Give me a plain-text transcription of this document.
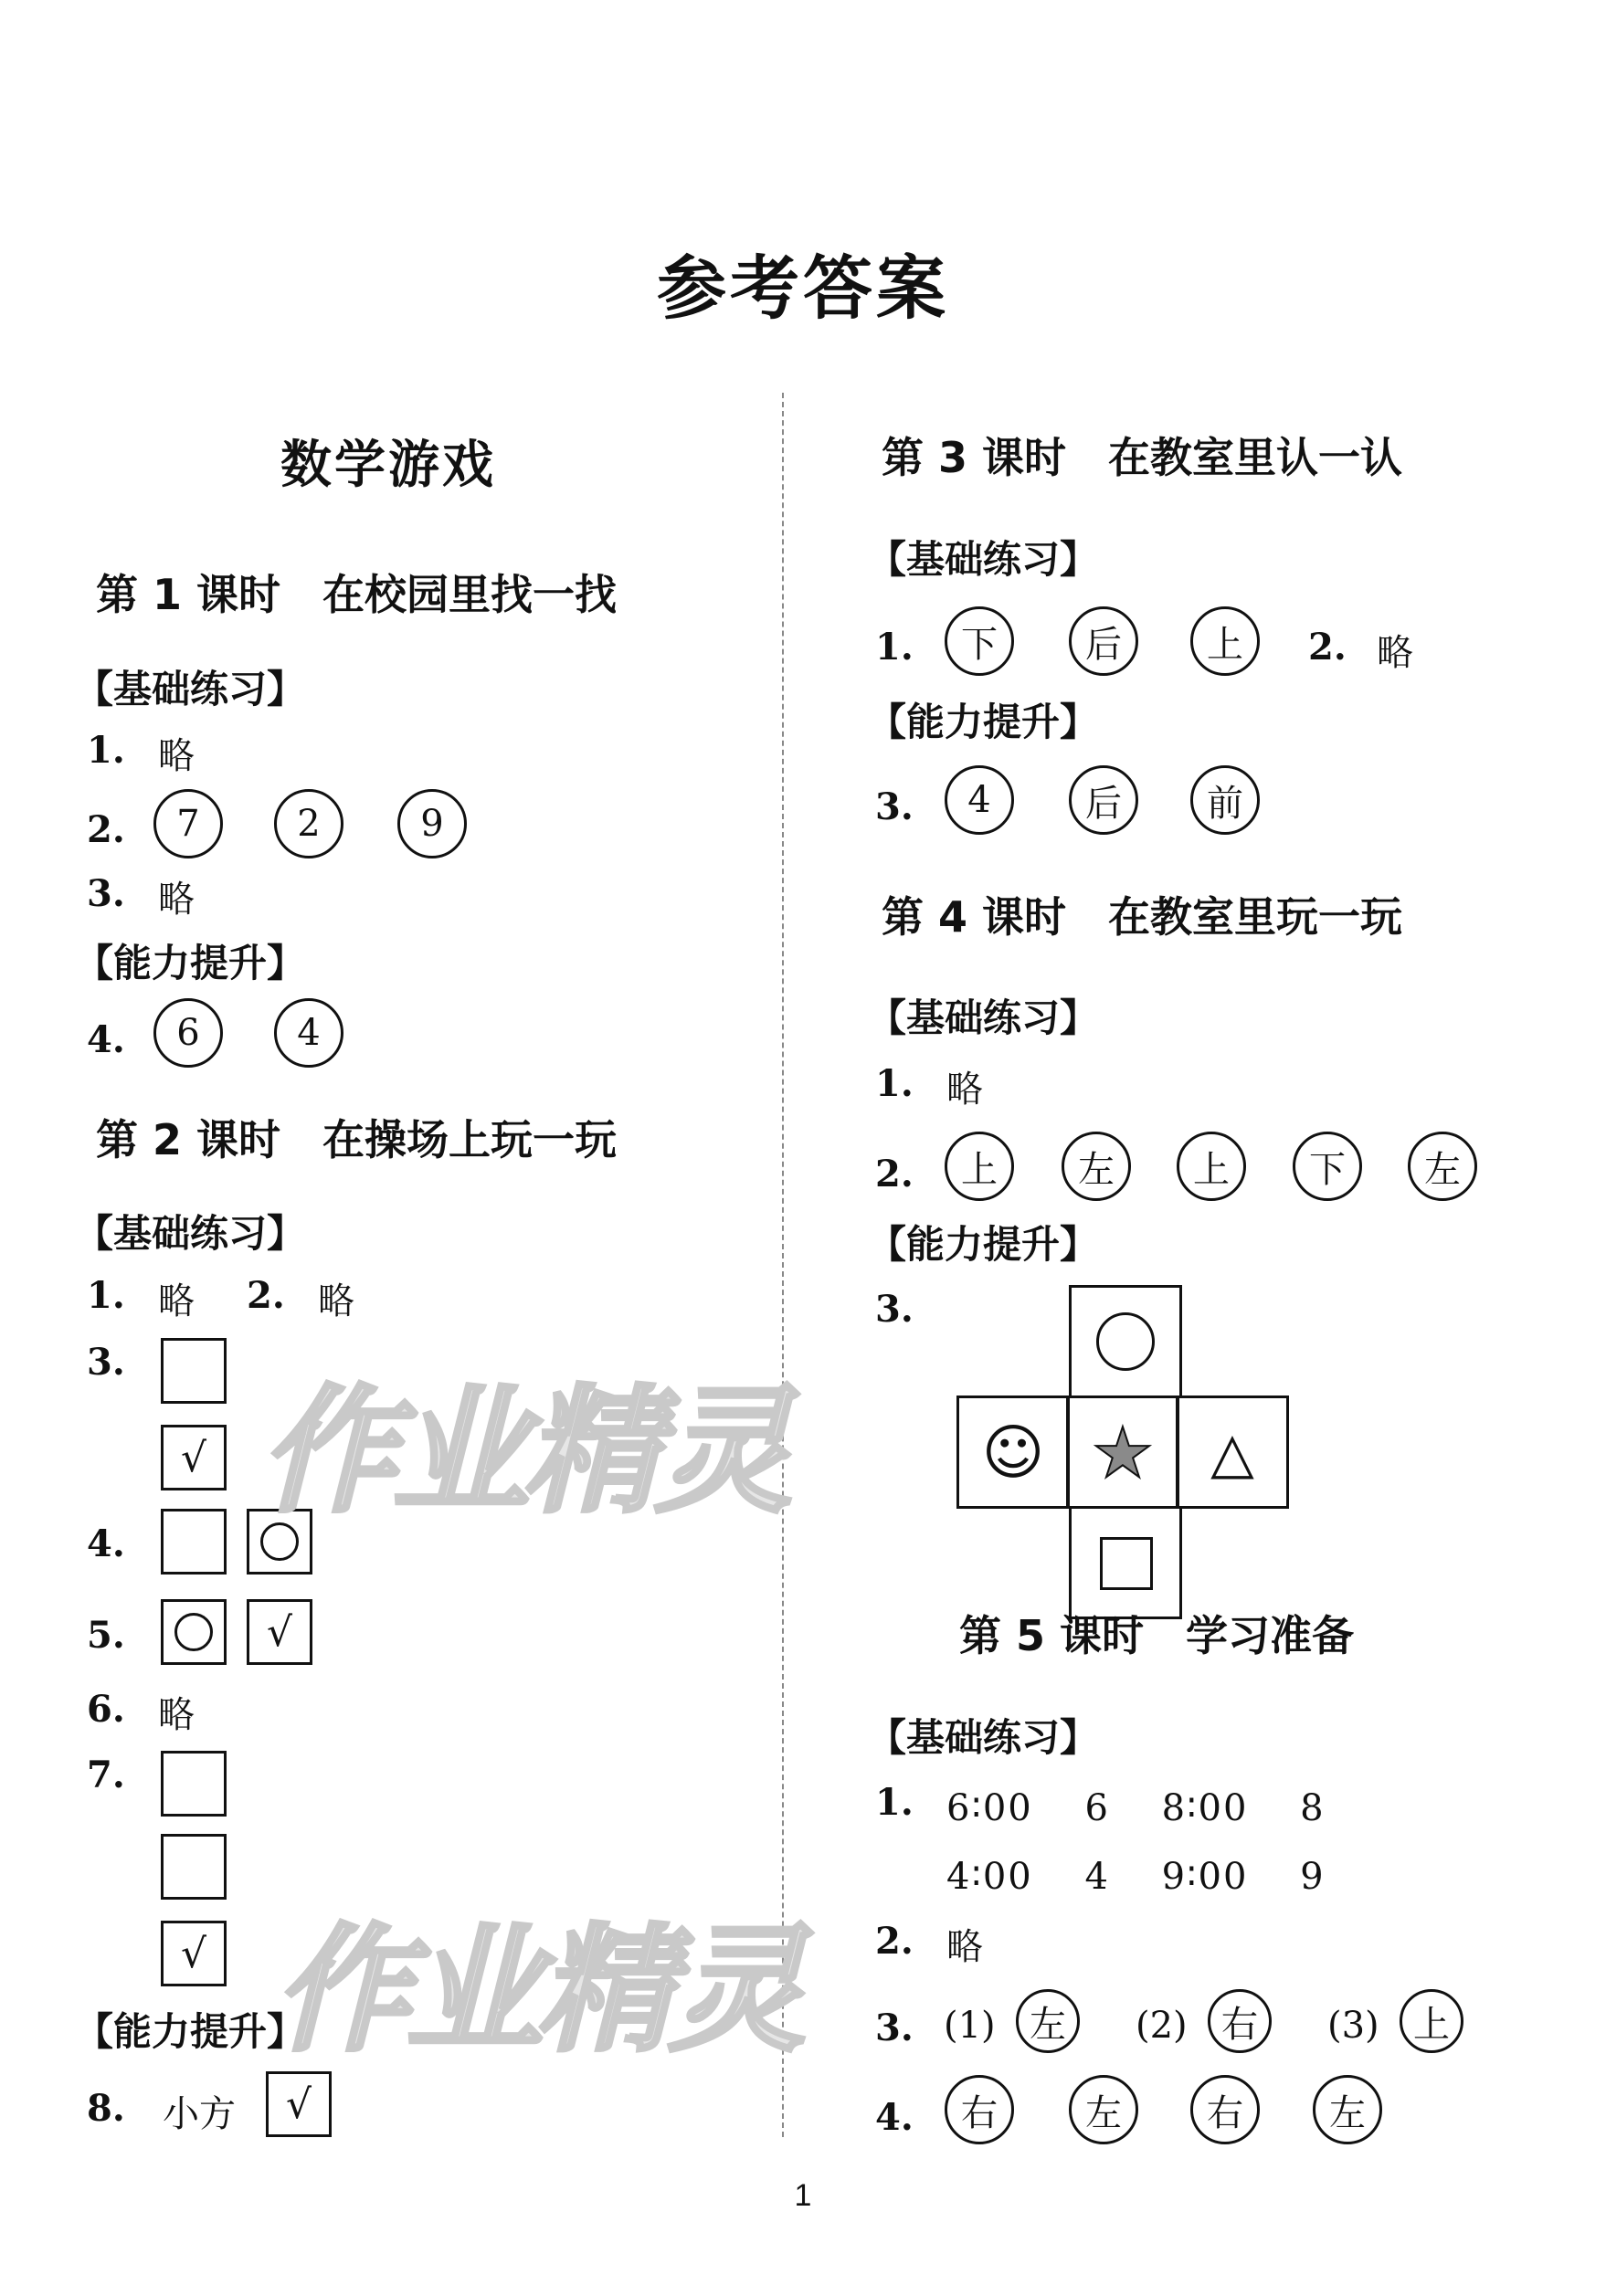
参考答案
数学游戏
第 1 课时　在校园里找一找
【基础练习】
1. 略
2.	7	2	9
3. 略
【能力提升】
4.	6	4
第 2 课时　在操场上玩一玩
【基础练习】
1. 略 2. 略
3.
√
4.
5.	√
6. 略
7.
√
【能力提升】
8. 小方	√
作业精灵
作业精灵
第 3 课时　在教室里认一认
【基础练习】
1.	下	后	上	2. 略
【能力提升】
3.	4	后	前
第 4 课时　在教室里玩一玩
【基础练习】
1. 略
2.	上	左	上	下	左
【能力提升】
3.
☺ ★	△
第 5 课时　学习准备
【基础练习】
1. 6∶00　 6　 8∶00　 8
4∶00　 4　 9∶00　 9
2. 略
3. (1) 左	(2) 右	(3) 上
4.	右	左	右	左
1
